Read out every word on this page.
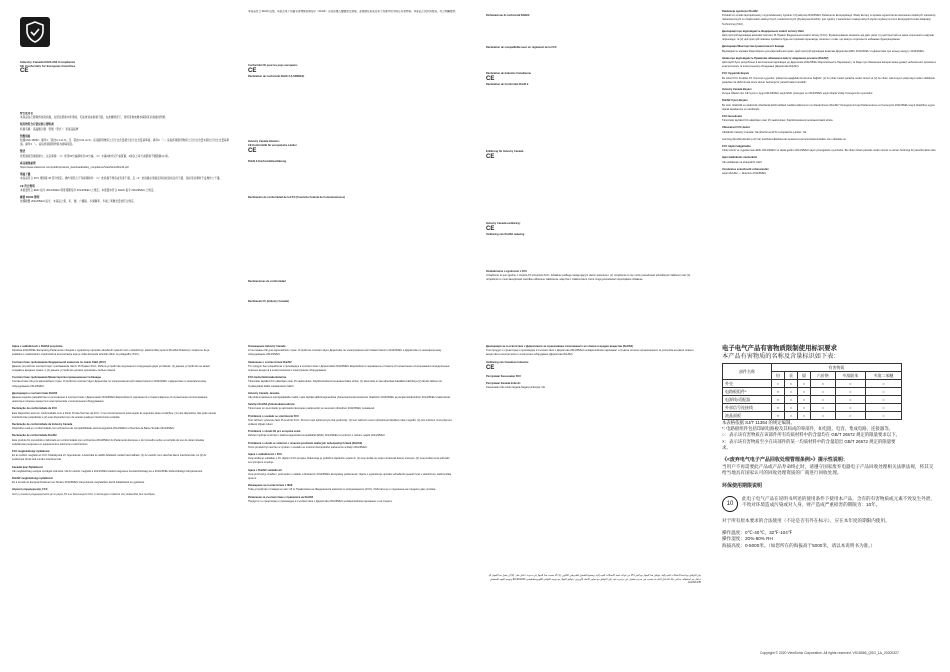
Industry Canada ICES-003 Compliance
CE Conformity for European Countries
CE
警告使用者
本產品為乙類資訊技術設備，在居住環境中使用時，可能會造成射頻干擾，在此種情況下，使用者會被要求採取某些適當的對策。
限用物質含有情況標示聲明書
設備名稱：液晶顯示器　型號（型式）：見產品銘牌
對應規格
依據CNS 15663：備考1.「超出0.1 wt %」及「超出0.01 wt %」係指限用物質之百分比含量超出百分比含量基準值。備考2.「○」係指該項限用物質之百分比含量未超出百分比含量基準值。備考3.「-」係指該項限用物質為排除項目。
警語
使用過度恐傷害視力。注意事項：（1）使用30分鐘請休息10分鐘。（2）未滿2歲幼兒不看螢幕，2歲以上每天看螢幕不要超過1小時。
產品廢棄處理
https://www.viewsonic.com/public/products_download/safety_compliance/ViewSonic/RoHS.pdf
電磁干擾
本產品符合 FCC 規則第 15 部分規定。操作須符合下列兩項條件：（1）此設備不得造成有害干擾，且（2）此設備必須接受所接收到的任何干擾，包括可能導致不良操作之干擾。
CE 符合聲明
本裝置符合 EMC 指令 2014/30/EU 與低電壓指令 2014/35/EU 之規定。本裝置亦符合 RoHS 指令 2011/65/EU 之規定。
歐盟 ROHS 聲明
依據歐盟 2011/65/EU 指令，本產品之鉛、汞、鎘、六價鉻、多溴聯苯、多溴二苯醚含量皆符合規定。
本產品符合 RoHS 法規，電氣及電子設備有害物質限制指令（RoHS）旨在保護人體健康及環境，並限制在電氣及電子設備中使用特定有害物質。本產品之設計與製造，符合相關要求。
Conformité CE pour les pays européens
CE
Déclaration de conformité RoHS 2 (LSDEEE2)
Industry Canada Hinweis:
CE-Konformität für europäische Länder
CE
RoHS 2-Konformitätserklärung
Declaración de conformidad de la FCC (Comisión Federal de Comunicaciones)
Declaraciones de conformidad
Declaración IC (Industry Canada)
Dichiarazione di conformità RAEE2
Déclaration de compatibilité avec un règlement de la FCC
Déclaration de Industrie Canadienne
CE
Déclaration de Conformité RoHS 2
Erklärung für Industry Canada
CE
Industry Canada-verklaring:
CE
Verklaring van RoHS2-naleving
Oświadczenie o zgodności z FCC
Urządzenie to jest zgodne z częścią 15 przepisów FCC. Działanie podlega następującym dwóm warunkom: (1) urządzenie to nie może powodować szkodliwych zakłóceń oraz (2) urządzenie to musi akceptować wszelkie odbierane zakłócenia, włącznie z zakłóceniami, które mogą powodować niepożądane działanie.
Deklaracja zgodności RoHS2
Produkt ten został zaprojektowany i wyprodukowany zgodnie z Dyrektywą 2011/65/EU Parlamentu Europejskiego i Rady Europy w sprawie ograniczenia stosowania niektórych substancji niebezpiecznych w urządzeniach elektrycznych i elektronicznych (Dyrektywa RoHS2) i jest zgodny z wartościami maksymalnych stężeń wydanymi przez Europejski Komitet Adaptacji Technicznej (TAC).
Декларація про відповідність Федеральної комісії зв'язку США
Цей пристрій відповідає вимогам Частини 15 Правил Федеральної комісії зв'язку (FCC). Функціонування залежить від двох умов: (1) цей пристрій не може спричиняти шкідливі перешкоди, та (2) цей пристрій повинен приймати будь-які отримані перешкоди, включно з тими, що можуть спричинити небажане функціонування.
Декларація Міністерства промисловості Канади
Відповідність нормам Ради Європи для європейських країн. Цей пристрій відповідає вимогам Директиви ЕМС 2014/30/EU та Директиви про низьку напругу 2014/35/EU.
Заява про відповідність Правилам обмеження вмісту шкідливих речовин (RoHS2)
Цей виріб було розроблено й виготовлено відповідно до Директиви 2011/65/EU Європейського Парламенту та Ради про обмеження використання деяких небезпечних речовин в електричному та електронному обладнанні (Директива RoHS2).
FCC Uygunluk Beyanı
Bu cihaz FCC Kuralları 15. Kısmına uygundur. Çalıştırma aşağıdaki iki duruma bağlıdır: (1) bu cihaz zararlı parazite neden olmaz ve (2) bu cihaz, istenmeyen çalışmaya neden olabilecek parazitler de dahil olmak üzere alınan herhangi bir paraziti kabul etmelidir.
Industry Canada Beyanı
Avrupa Ülkeleri için CE Uyumu: Aygıt 2014/30/EU sayılı EMC yönergesi ve 2014/35/EU sayılı Düşük Voltaj Yönergesi ile uyumludur.
RoHS2 Uyum Beyanı
Bu ürün, Elektrikli ve elektronik cihazlarda belirli tehlikeli madde kullanımının sınırlandırılması (RoHS2 Yönergesi) Avrupa Parlamentosu ve Konseyinin 2011/65/EU sayılı direktifine uygun olarak tasarlanmış ve üretilmiştir.
FCC-lausekseke
Tämä laite täyttää FCC-sääntöjen osan 15 vaatimukset. Käyttöä koskevat seuraavat kaksi ehtoa.
Ulkomaiset FCC-tiedot
Ulkölände Industry Canada: CE-überformend für europäische Länder: CE
stunning (RoHS2-direktiv) och har testfristä effekttava ämnessamma koncentrationsvärden som utfärdats av
FCC näpún kalgalnaiba
Cihaz ürünü ve uygulanması EMC 2014/30/EU ve alçak gerilim 2014/35/EU sayılı yönergelerle uyumludur. Bu cihaz zararlı parazite neden olmaz ve alınan herhangi bir paraziti kabul eder.
Iqwn kawhakolis nauhunblix
CE uehilaksek na ehaupahth ctaht:
Ucnutnetse ecanuhoeht cofiesemuhix
wqwn RoHS2 — Directive 2011/65/EU
Izjava o usklađenosti s RoHS2 propisima
Direktiva 2011/65/EU Europskog Parlamenta i Savjeta o ograničenju uporabe određenih opasnih tvari u električnoj i elektroničkoj opremi (RoHS2 Direktiva) i smatra se da je sukladna s maksimalnim vrijednostima koncentracije koje je izdao Europski tehnički odbor za prilagodbu (TAC).
Соответствие требованиям Федеральной комиссии по связи США (FCC)
Данное устройство соответствует требованиям Части 15 Правил FCC. Работа устройства подчиняется следующим двум условиям: (1) данное устройство не может создавать вредных помех, и (2) данное устройство должно принимать любые помехи.
Соответствие требованиям Министерства промышленности Канады
Соответствие CE для европейских стран. Устройство соответствует Директиве по электромагнитной совместимости 2014/30/EU и Директиве по низковольтному оборудованию 2014/35/EU.
Декларация о соответствии RoHS2
Данное изделие разработано и изготовлено в соответствии с Директивой 2011/65/EU Европейского парламента и Совета Европы об ограничении использования некоторых опасных веществ в электрическом и электронном оборудовании.
Declaração da conformidade da FCC
Este dispositivo está em conformidade com a Parte 15 das Normas da FCC. O seu funcionamento está sujeito às seguintes duas condições: (1) este dispositivo não pode causar interferências prejudiciais e (2) este dispositivo tem de aceitar qualquer interferência recebida.
Declaração de conformidade da Industry Canada
Dispositivo está em conformidade com a Directiva de compatibilidade electromagnética 2014/30/EU e Directiva de Baixa Tensão 2014/35/EU.
Declaração de conformidade RoHS2
Este produto foi concebido e fabricado em conformidade com a Directiva 2011/65/EU do Parlamento Europeu e do Conselho sobre a restrição do uso de determinadas substâncias perigosas em equipamentos eléctricos e electrónicos.
FCC megfelelőségi nyilatkozat
Ez az eszköz megfelel az FCC Szabályzata 15. fejezetének. A készülék az alábbi feltételek mellett használható: (1) Az eszköz nem okozhat káros interferenciát, és (2) Az eszköznek tűrnie kell minden interferenciát.
Kanadai Ipari Nyilatkozat
CE megfelelőség európai országok számára: CE Az eszköz megfelel a 2014/30/EU elektromágneses összeférhetőségi és a 2014/35/EU kisfeszültségű irányelveknek.
RoHS2 megfelelőségi nyilatkozat
Ez a termék az Európai Parlament és Tanács 2011/65/EU irányelvének megfelelően került kialakításra és gyártásra.
Δήλωση συμμόρφωσης FCC
Αυτή η συσκευή συμμορφώνεται με το μέρος 15 των Κανονισμών FCC. Η λειτουργία υπόκειται στις ακόλουθες δύο συνθήκες.
Оповещение Industry Canada
Аттестованы CE для европейских стран: Устройство соответствует Директиве по электромагнитной совместимости 2014/30/EU и Директиве по низковольтному оборудованию 2014/35/EU.
Заявление о соответствии RoHS2
Тот продукт был разработан и произведен в соответствии с Директивой 2011/65/EU Европейского парламента и Совета об ограничении использования определенных опасных веществ в электрическом и электронном оборудовании.
FCC-tiedonhaltomakuntaturina
Tämä laite täyttää FCC-sääntöjen osan 15 vaatimukset. Käyttöä koskevat seuraavat kaksi ehtoa: (1) tämä laite ei saa aiheuttaa haitallista häiriötä ja (2) tämän laitteen on hyväksyttävä kaikki vastaanotettu häiriö.
Industry Canada -lauseke
CE-yhdenmukaisuus eurooppalaisille maille. Laite täyttää sähkömagneettista yhteensopivuutta koskevan direktiivin 2014/30/EU ja pienjännitedirektiivin 2014/35/EU vaatimukset.
Selvitys RoHS2-yhdenmukaisuudesta
Tämä tuote on suunniteltu ja valmistettu Euroopan parlamentin ja neuvoston direktiivin 2011/65/EU mukaisesti.
Prohlášení o souladu se směrnicemi FCC
Toto zařízení vyhovuje části 15 směrnic FCC. Provoz musí splňovat tyto dvě podmínky: (1) toto zařízení nesmí způsobovat škodlivé rušení signálů, (2) toto zařízení musí přijmout veškeré přijaté rušení.
Prohlášení o shodě CE pro evropské země
Zařízení splňuje směrnici o elektromagnetické kompatibilitě (EMC) 2014/30/EU a směrnici o nízkém napětí 2014/35/EU.
Prohlášení o shodě se směrnicí o omezení používání některých nebezpečných látek (RoHS2)
Tento produkt byl navržen a vyroben v souladu se směrnicí Evropského parlamentu a Rady 2011/65/EU.
Izjava o usklađenosti s FCC
Ovaj uređaj je sukladan s 15. dijelom FCC propisa. Rukovanje je podložno sljedećim uvjetima: (1) ovaj uređaj ne smije uzrokovati štetne smetnje i (2) ovaj uređaj mora prihvatiti sve primljene smetnje.
Izjava o RoHS2 sukladnosti
Ovaj proizvod je izrađen i proizveden u skladu s Direktivom 2011/65/EU Europskog parlamenta i Vijeća o ograničenju uporabe određenih opasnih tvari u električnoj i elektroničkoj opremi.
Извещение за съответствие с ФКК
Това устройство отговаря на част 15 от Правилника на Федералната комисия по комуникациите (FCC). Работата му е подчинена на следните две условия.
Изявление за съответствие с правилата на RoHS2
Продуктът е проектиран и произведен в съответствие с Директива 2011/65/EU на Европейския парламент и на Съвета.
Декларация за съответствие с Директивата за ограничаване използването на опасни и вредни вещества (RoHS2)
Този продукт е проектиран и произведен в съответствие с Директива 2011/65/EU на Европейския парламент и Съвета относно ограничението за употреба на някои опасни вещества в електрическо и електронно оборудване (Директива RoHS2).
Verklaring van Canadese Industrie
CE
Pernyataan Kesesuaian FCC
Pernyataan Kanada Industri
Kesesuaian CE untuk Negara-Negara di Eropa: CE
بيان التوافق مع لجنة الاتصالات الفيدرالية: يتوافق هذا الجهاز مع الجزء 15 من قواعد لجنة الاتصالات الفيدرالية. ويخضع التشغيل للشرطين التاليين: (1) ألا يتسبب هذا الجهاز في حدوث تداخل ضار، (2) أن يتقبل هذا الجهاز أي تداخل يتم استقباله، بما في ذلك التداخل الذي قد يتسبب في حدوث تشغيل غير مرغوب فيه. بيان التوافق مع معايير الاتحاد الأوروبي: يتوافق الجهاز مع توجيه التوافق الكهرومغناطيسي 2014/30/EU وتوجيه الجهد المنخفض 2014/35/EU.
电子电气产品有害物质限制使用标识要求
本产品有害物质的名称及含量标识如下表：
部件名称	有害物质					
	铅	汞	镉	六价铬	多溴联苯	多溴二苯醚
外壳	○	○	○	○	○	○
电路板组件*	×	○	○	○	○	○
电源线/适配器	×	○	○	○	○	○
外部信号连接线	×	○	○	○	○	○
液晶面板	×	○	○	○	○	○
本表格依据 SJ/T 11364 的规定编制。
*: 电路板组件包括印刷电路板及其构成的零部件，如电阻、电容、集成电路、连接器等。
○：表示该有害物质在该部件所有均质材料中的含量均在 GB/T 26572 规定的限量要求以下。
×：表示该有害物质至少在该部件的某一均质材料中的含量超出 GB/T 26572 规定的限量要求。
《<废弃电气电子产品回收处理管理条例>》提示性说明：
当用户不再需要此产品或产品寿命终止时，请遵守国家废弃电器电子产品回收处理相关法律法规，将其交给当地具有国家认可的回收处理资质的厂商进行回收处理。
环保使用期限说明
10
此电子电气产品在说明书所述的使用条件下使用本产品，含有的有害物质或元素不致发生外泄，不致对环境造成污染或对人身、财产造成严重损害的期限为：10年。
对于所有原本要求的合法使用（不论是否有外在标示），应在本年度的期限内使用。
操作温度：0℃-40℃，32℉-104℉
操作湿度：20%-80% RH
海拔高度：0-5000米。（如您所在的海拔高于5000米，请以本说明书为准。）
Copyright © 2020 ViewSonic Corporation. All rights reserved. VS18566_QSG_1A_20200327
